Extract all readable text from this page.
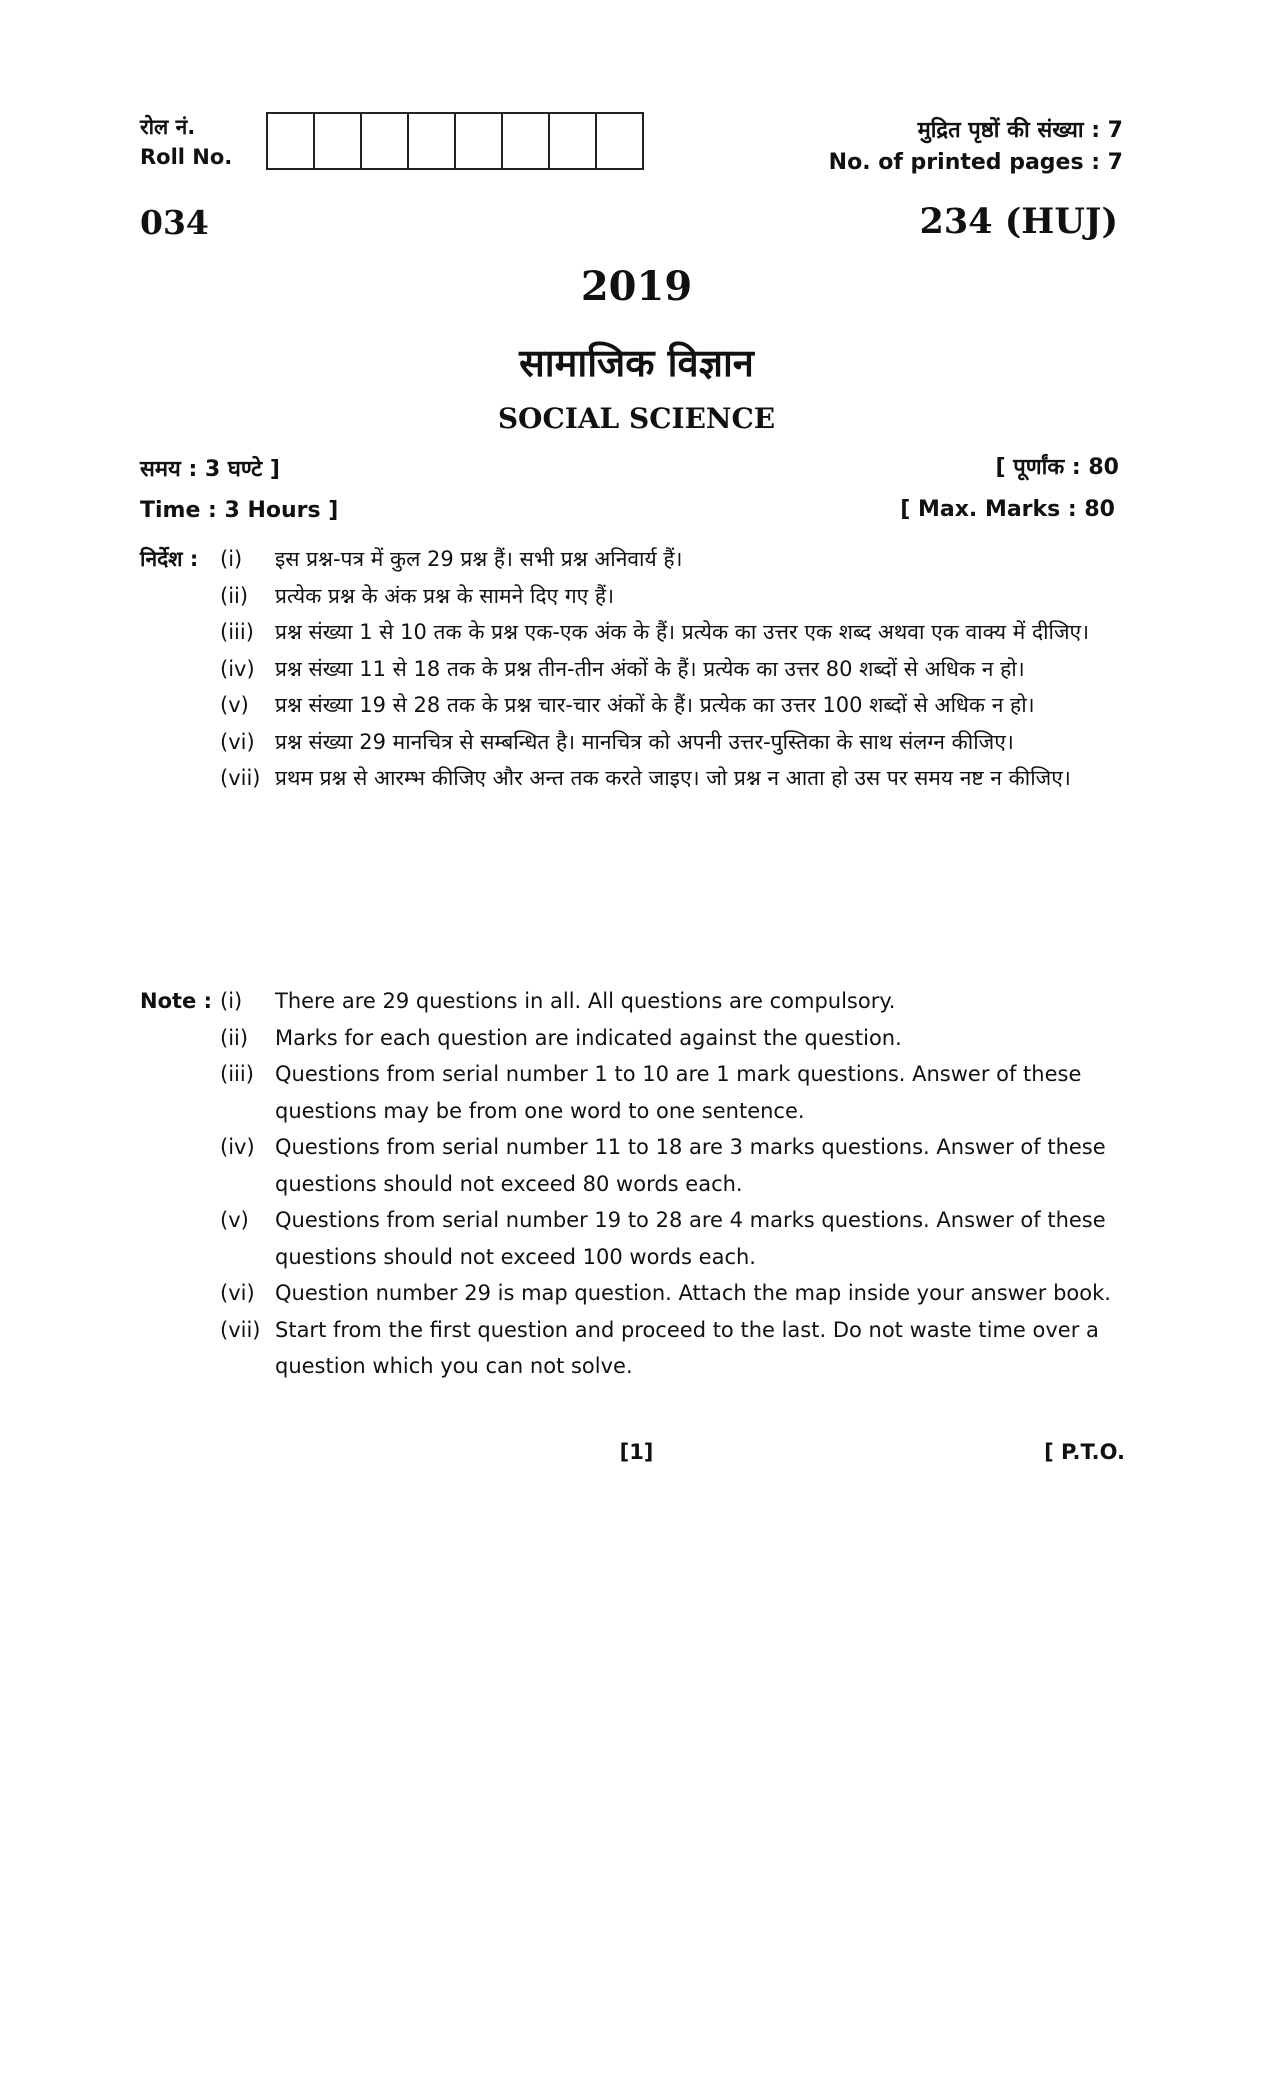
रोल नं.
Roll No.
मुद्रित पृष्ठों की संख्या : 7
No. of printed pages : 7
034	234 (HUJ)
2019
सामाजिक विज्ञान
SOCIAL SCIENCE
समय : 3 घण्टे ]
Time : 3 Hours ]
[ पूर्णांक : 80
[ Max. Marks : 80
निर्देश :	(i)	इस प्रश्न-पत्र में कुल 29 प्रश्न हैं। सभी प्रश्न अनिवार्य हैं।
(ii)	प्रत्येक प्रश्न के अंक प्रश्न के सामने दिए गए हैं।
(iii)	प्रश्न संख्या 1 से 10 तक के प्रश्न एक-एक अंक के हैं। प्रत्येक का उत्तर एक शब्द अथवा एक वाक्य में दीजिए।
(iv) प्रश्न संख्या 11 से 18 तक के प्रश्न तीन-तीन अंकों के हैं। प्रत्येक का उत्तर 80 शब्दों से अधिक न हो।
(v)	प्रश्न संख्या 19 से 28 तक के प्रश्न चार-चार अंकों के हैं। प्रत्येक का उत्तर 100 शब्दों से अधिक न हो।
(vi) प्रश्न संख्या 29 मानचित्र से सम्बन्धित है। मानचित्र को अपनी उत्तर-पुस्तिका के साथ संलग्न कीजिए।
(vii) प्रथम प्रश्न से आरम्भ कीजिए और अन्त तक करते जाइए। जो प्रश्न न आता हो उस पर समय नष्ट न कीजिए।
Note : (i)	There are 29 questions in all. All questions are compulsory.
(ii)	Marks for each question are indicated against the question.
(iii)	Questions from serial number 1 to 10 are 1 mark questions. Answer of these questions may be from one word to one sentence.
(iv) Questions from serial number 11 to 18 are 3 marks questions. Answer of these questions should not exceed 80 words each.
(v)	Questions from serial number 19 to 28 are 4 marks questions. Answer of these questions should not exceed 100 words each.
(vi) Question number 29 is map question. Attach the map inside your answer book.
(vii) Start from the first question and proceed to the last. Do not waste time over a question which you can not solve.
[1]	[ P.T.O.
